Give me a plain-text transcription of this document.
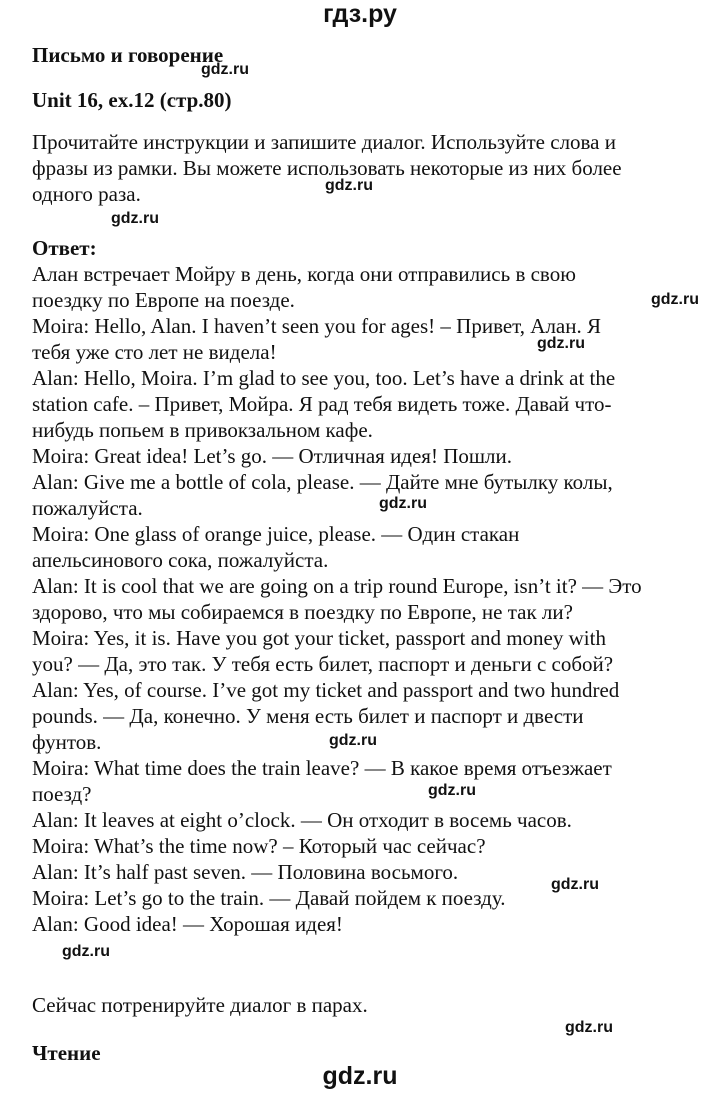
гдз.ру
Письмо и говорение
Unit 16, ex.12 (стр.80)
Прочитайте инструкции и запишите диалог. Используйте слова и
фразы из рамки. Вы можете использовать некоторые из них более
одного раза.
Ответ:
Алан встречает Мойру в день, когда они отправились в свою
поездку по Европе на поезде.
Moira: Hello, Alan. I haven’t seen you for ages! – Привет, Алан. Я
тебя уже сто лет не видела!
Alan: Hello, Moira. I’m glad to see you, too. Let’s have a drink at the
station cafe. – Привет, Мойра. Я рад тебя видеть тоже. Давай что-
нибудь попьем в привокзальном кафе.
Moira: Great idea! Let’s go. — Отличная идея! Пошли.
Alan: Give me a bottle of cola, please. — Дайте мне бутылку колы,
пожалуйста.
Moira: One glass of orange juice, please. — Один стакан
апельсинового сока, пожалуйста.
Alan: It is cool that we are going on a trip round Europe, isn’t it? — Это
здорово, что мы собираемся в поездку по Европе, не так ли?
Moira: Yes, it is. Have you got your ticket, passport and money with
you? — Да, это так. У тебя есть билет, паспорт и деньги с собой?
Alan: Yes, of course. I’ve got my ticket and passport and two hundred
pounds. — Да, конечно. У меня есть билет и паспорт и двести
фунтов.
Moira: What time does the train leave? — В какое время отъезжает
поезд?
Alan: It leaves at eight o’clock. — Он отходит в восемь часов.
Moira: What’s the time now? – Который час сейчас?
Alan: It’s half past seven. — Половина восьмого.
Moira: Let’s go to the train. — Давай пойдем к поезду.
Alan: Good idea! — Хорошая идея!
Сейчас потренируйте диалог в парах.
Чтение
gdz.ru
gdz.ru
gdz.ru
gdz.ru
gdz.ru
gdz.ru
gdz.ru
gdz.ru
gdz.ru
gdz.ru
gdz.ru
gdz.ru
